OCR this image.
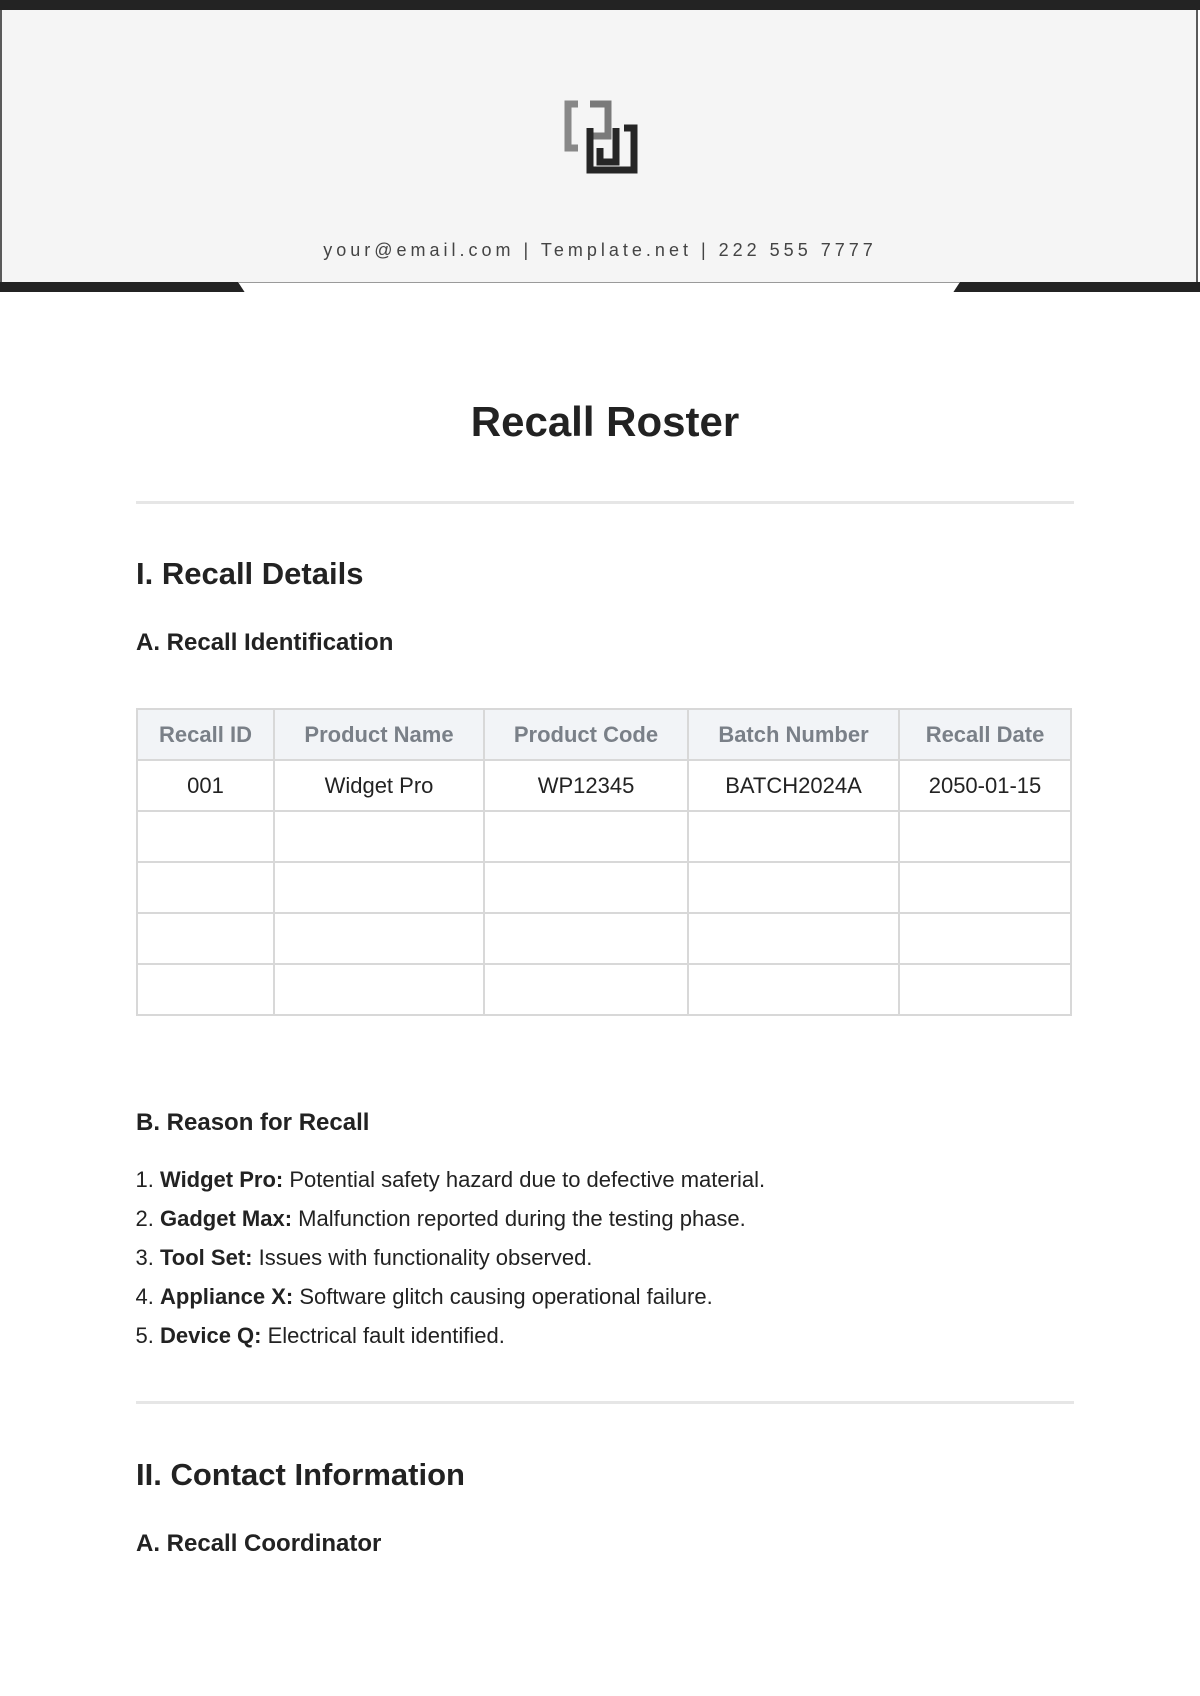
your@email.com | Template.net | 222 555 7777
Recall Roster
I. Recall Details
A. Recall Identification
Recall ID	Product Name	Product Code	Batch Number	Recall Date
001	Widget Pro	WP12345	BATCH2024A	2050-01-15

B. Reason for Recall
1. Widget Pro: Potential safety hazard due to defective material.
2. Gadget Max: Malfunction reported during the testing phase.
3. Tool Set: Issues with functionality observed.
4. Appliance X: Software glitch causing operational failure.
5. Device Q: Electrical fault identified.
II. Contact Information
A. Recall Coordinator
